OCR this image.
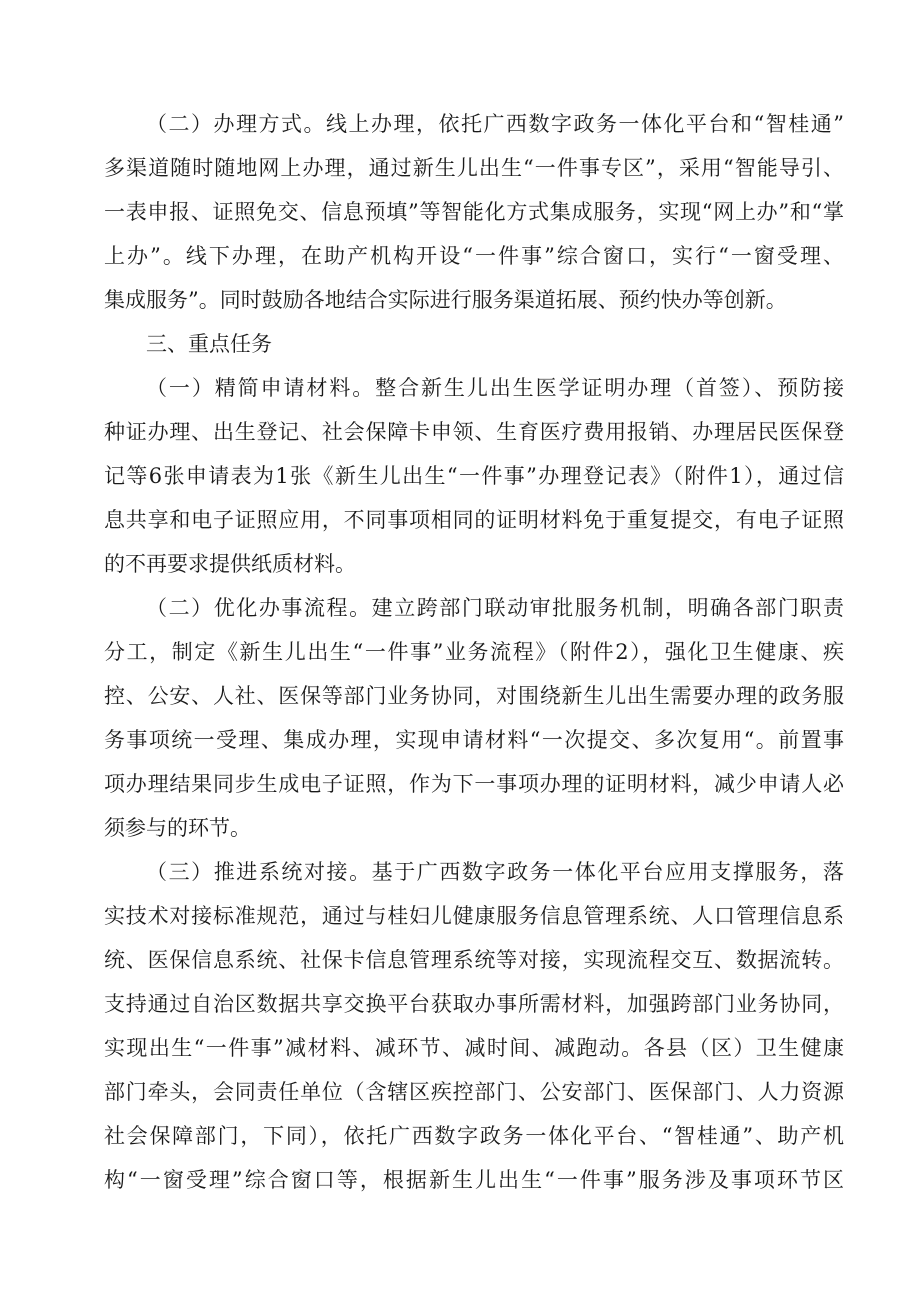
（二）办理方式。线上办理，依托广西数字政务一体化平台和“智桂通”
多渠道随时随地网上办理，通过新生儿出生“一件事专区”，采用“智能导引、
一表申报、证照免交、信息预填”等智能化方式集成服务，实现“网上办”和“掌
上办”。线下办理，在助产机构开设“一件事”综合窗口，实行“一窗受理、
集成服务”。同时鼓励各地结合实际进行服务渠道拓展、预约快办等创新。
三、重点任务
（一）精简申请材料。整合新生儿出生医学证明办理（首签）、预防接
种证办理、出生登记、社会保障卡申领、生育医疗费用报销、办理居民医保登
记等6张申请表为1张《新生儿出生“一件事”办理登记表》（附件1），通过信
息共享和电子证照应用，不同事项相同的证明材料免于重复提交，有电子证照
的不再要求提供纸质材料。
（二）优化办事流程。建立跨部门联动审批服务机制，明确各部门职责
分工，制定《新生儿出生“一件事”业务流程》（附件2），强化卫生健康、疾
控、公安、人社、医保等部门业务协同，对围绕新生儿出生需要办理的政务服
务事项统一受理、集成办理，实现申请材料“一次提交、多次复用“。前置事
项办理结果同步生成电子证照，作为下一事项办理的证明材料，减少申请人必
须参与的环节。
（三）推进系统对接。基于广西数字政务一体化平台应用支撑服务，落
实技术对接标准规范，通过与桂妇儿健康服务信息管理系统、人口管理信息系
统、医保信息系统、社保卡信息管理系统等对接，实现流程交互、数据流转。
支持通过自治区数据共享交换平台获取办事所需材料，加强跨部门业务协同，
实现出生“一件事”减材料、减环节、减时间、减跑动。各县（区）卫生健康
部门牵头，会同责任单位（含辖区疾控部门、公安部门、医保部门、人力资源
社会保障部门，下同），依托广西数字政务一体化平台、“智桂通”、助产机
构“一窗受理”综合窗口等，根据新生儿出生“一件事”服务涉及事项环节区
